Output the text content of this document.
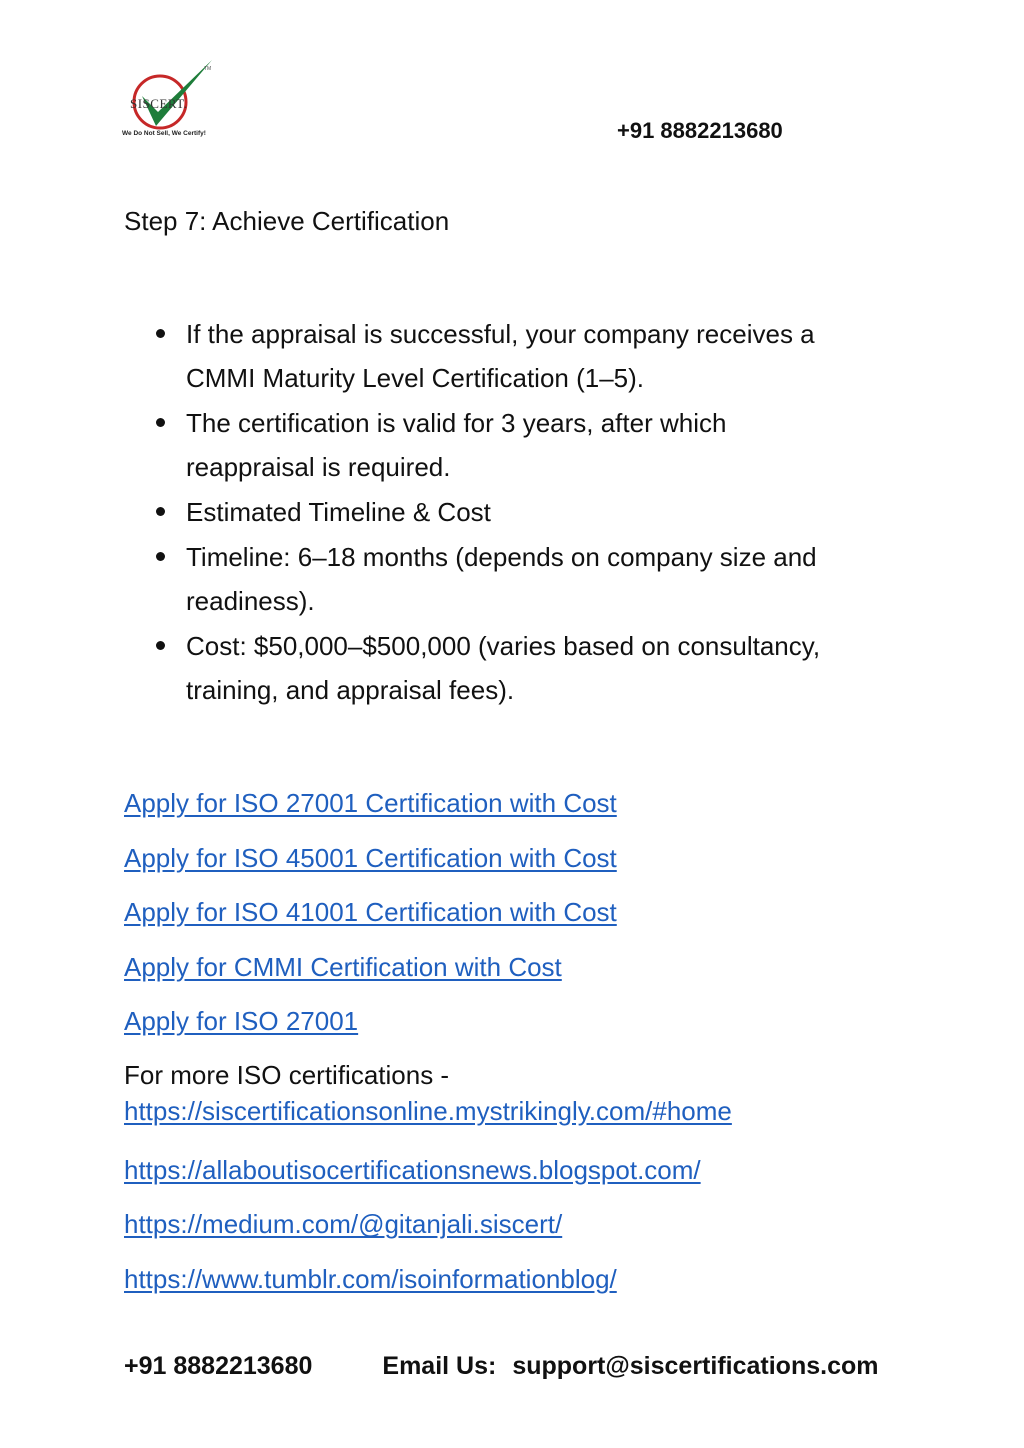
TM
SISCERT.
We Do Not Sell, We Certify!	+91 8882213680
Step 7: Achieve Certification
If the appraisal is successful, your company receives a
CMMI Maturity Level Certification (1–5).
The certification is valid for 3 years, after which
reappraisal is required.
Estimated Timeline & Cost
Timeline: 6–18 months (depends on company size and
readiness).
Cost: $50,000–$500,000 (varies based on consultancy,
training, and appraisal fees).
Apply for ISO 27001 Certification with Cost
Apply for ISO 45001 Certification with Cost
Apply for ISO 41001 Certification with Cost
Apply for CMMI Certification with Cost
Apply for ISO 27001
For more ISO certifications -
https://siscertificationsonline.mystrikingly.com/#home
https://allaboutisocertificationsnews.blogspot.com/
https://medium.com/@gitanjali.siscert/
https://www.tumblr.com/isoinformationblog/
+91 8882213680	Email Us: support@siscertifications.com
